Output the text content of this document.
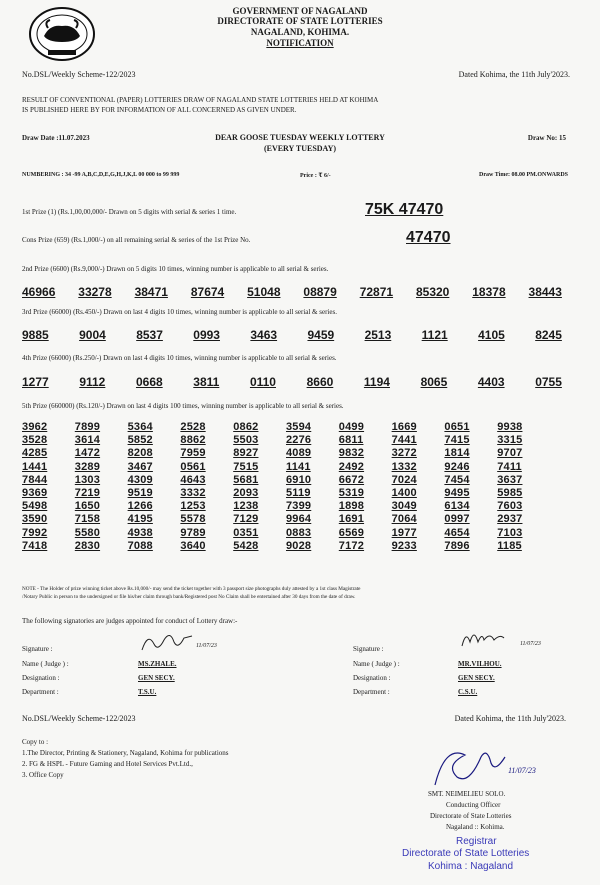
GOVERNMENT OF NAGALAND
DIRECTORATE OF STATE LOTTERIES
NAGALAND, KOHIMA.
NOTIFICATION
No.DSL/Weekly Scheme-122/2023	Dated Kohima, the 11th July'2023.
RESULT OF CONVENTIONAL (PAPER) LOTTERIES DRAW OF NAGALAND STATE LOTTERIES HELD AT KOHIMA
IS PUBLISHED HERE BY FOR INFORMATION OF ALL CONCERNED AS GIVEN UNDER.
Draw Date :11.07.2023	DEAR GOOSE TUESDAY WEEKLY LOTTERY
(EVERY TUESDAY)
Draw No: 15
NUMBERING : 34 -99 A,B,C,D,E,G,H,J,K,L 00 000 to 99 999	Price : ₹ 6/-	Draw Time: 08.00 PM.ONWARDS
1st Prize (1) (Rs.1,00,00,000/- Drawn on 5 digits with serial & series 1 time.	75K 47470
Cons Prize (659) (Rs.1,000/-) on all remaining serial & series of the 1st Prize No.	47470
2nd Prize (6600) (Rs.9,000/-) Drawn on 5 digits 10 times, winning number is applicable to all serial & series.
46966 33278 38471 87674 51048 08879 72871 85320 18378 38443
3rd Prize (66000) (Rs.450/-) Drawn on last 4 digits 10 times, winning number is applicable to all serial & series.
9885	9004	8537	0993	3463	9459	2513	1121	4105	8245
4th Prize (66000) (Rs.250/-) Drawn on last 4 digits 10 times, winning number is applicable to all serial & series.
1277	9112	0668	3811	0110	8660	1194	8065	4403	0755
5th Prize (660000) (Rs.120/-) Drawn on last 4 digits 100 times, winning number is applicable to all serial & series.
3962	7899	5364	2528	0862	3594	0499	1669	0651	9938
3528	3614	5852	8862	5503	2276	6811	7441	7415	3315
4285	1472	8208	7959	8927	4089	9832	3272	1814	9707
1441	3289	3467	0561	7515	1141	2492	1332	9246	7411
7844	1303	4309	4643	5681	6910	6672	7024	7454	3637
9369	7219	9519	3332	2093	5119	5319	1400	9495	5985
5498	1650	1266	1253	1238	7399	1898	3049	6134	7603
3590	7158	4195	5578	7129	9964	1691	7064	0997	2937
7992	5580	4938	9789	0351	0883	6569	1977	4654	7103
7418	2830	7088	3640	5428	9028	7172	9233	7896	1185
NOTE - The Holder of prize winning ticket above Rs.10,000/- may send the ticket together with 3 passport size photographs duly attested by a 1st class Magistrate
/Notary Public in person to the undersigned or file his/her claim through bank/Registered post No Claim shall be entertained after 30 days from the date of draw.
The following signatories are judges appointed for conduct of Lottery draw:-
Signature :	11/07/23
Name ( Judge ) :	MS.ZHALE.
Designation :	GEN SECY.
Department :	T.S.U.
Signature :
11/07/23
Name ( Judge ) :	MR.VILHOU.
Designation :	GEN SECY.
Department :	C.S.U.
No.DSL/Weekly Scheme-122/2023	Dated Kohima, the 11th July'2023.
Copy to :
1.The Director, Printing & Stationery, Nagaland, Kohima for publications
2. FG & HSPL - Future Gaming and Hotel Services Pvt.Ltd.,
3. Office Copy	11/07/23
SMT. NEIMELIEU SOLO.
Conducting Officer
Directorate of State Lotteries
Nagaland :: Kohima.
Registrar
Directorate of State Lotteries
Kohima : Nagaland
